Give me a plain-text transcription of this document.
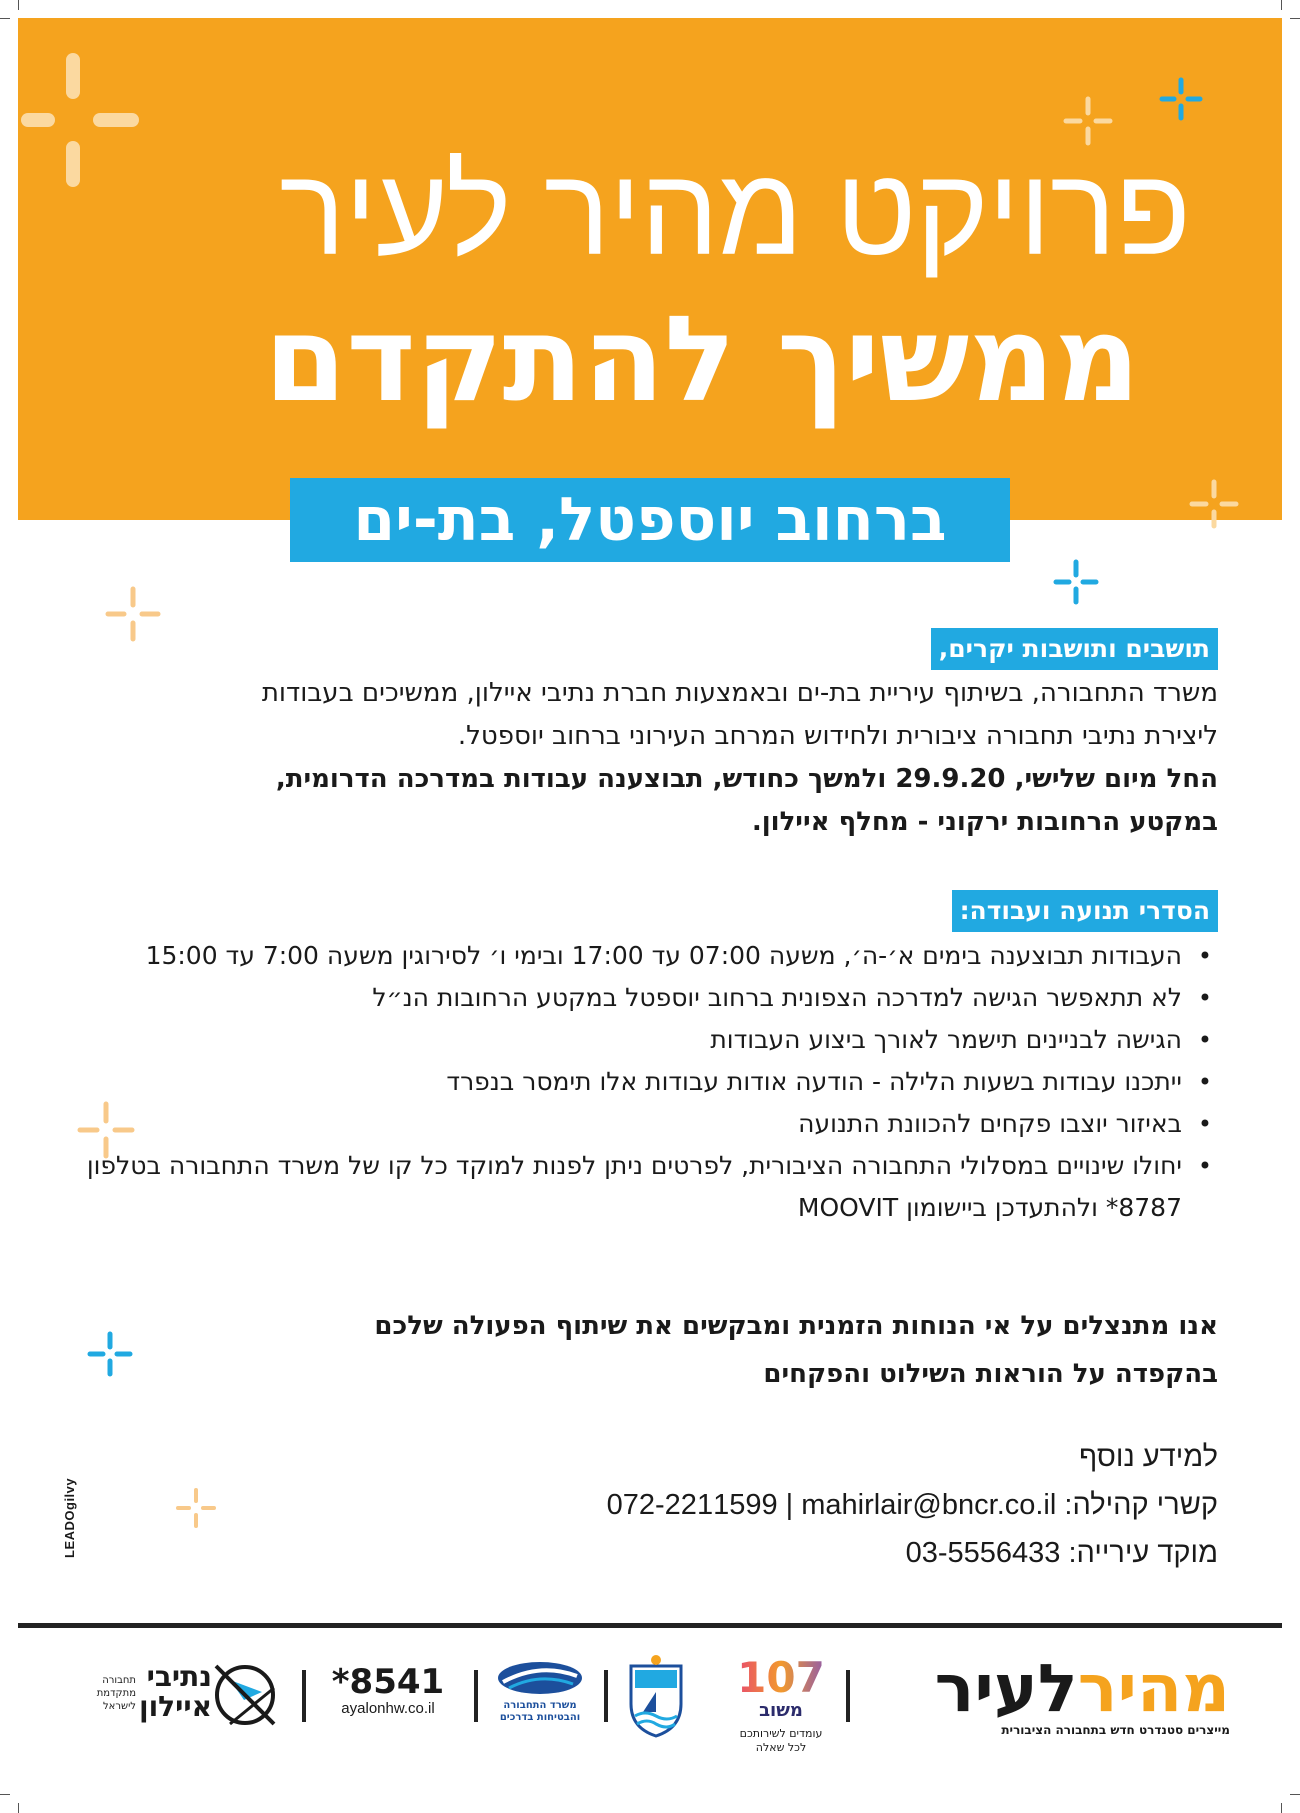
פרויקט מהיר לעיר
ממשיך להתקדם
ברחוב יוספטל, בת-ים
תושבים ותושבות יקרים,

משרד התחבורה, בשיתוף עיריית בת-ים ובאמצעות חברת נתיבי איילון, ממשיכים בעבודות

ליצירת נתיבי תחבורה ציבורית ולחידוש המרחב העירוני ברחוב יוספטל.

החל מיום שלישי, 29.9.20 ולמשך כחודש, תבוצענה עבודות במדרכה הדרומית,

במקטע הרחובות ירקוני - מחלף איילון.

הסדרי תנועה ועבודה:
• העבודות תבוצענה בימים א׳-ה׳, משעה 07:00 עד 17:00 ובימי ו׳ לסירוגין משעה 7:00 עד 15:00
• לא תתאפשר הגישה למדרכה הצפונית ברחוב יוספטל במקטע הרחובות הנ״ל
• הגישה לבניינים תישמר לאורך ביצוע העבודות
• ייתכנו עבודות בשעות הלילה - הודעה אודות עבודות אלו תימסר בנפרד
• באיזור יוצבו פקחים להכוונת התנועה
• יחולו שינויים במסלולי התחבורה הציבורית, לפרטים ניתן לפנות למוקד כל קו של משרד התחבורה בטלפון 8787* ולהתעדכן ביישומון MOOVIT

אנו מתנצלים על אי הנוחות הזמנית ומבקשים את שיתוף הפעולה שלכם

בהקפדה על הוראות השילוט והפקחים

למידע נוסף

קשרי קהילה: 072-2211599 | mahirlair@bncr.co.il

מוקד עירייה: 03-5556433

LEADOgilvy
מהירלעיר
מייצרים סטנדרט חדש בתחבורה הציבורית
107
משוב
עומדים לשירותכם
לכל שאלה
משרד התחבורה
והבטיחות בדרכים
*8541
ayalonhw.co.il
נתיבי
איילון
תחבורה
מתקדמת
לישראל
